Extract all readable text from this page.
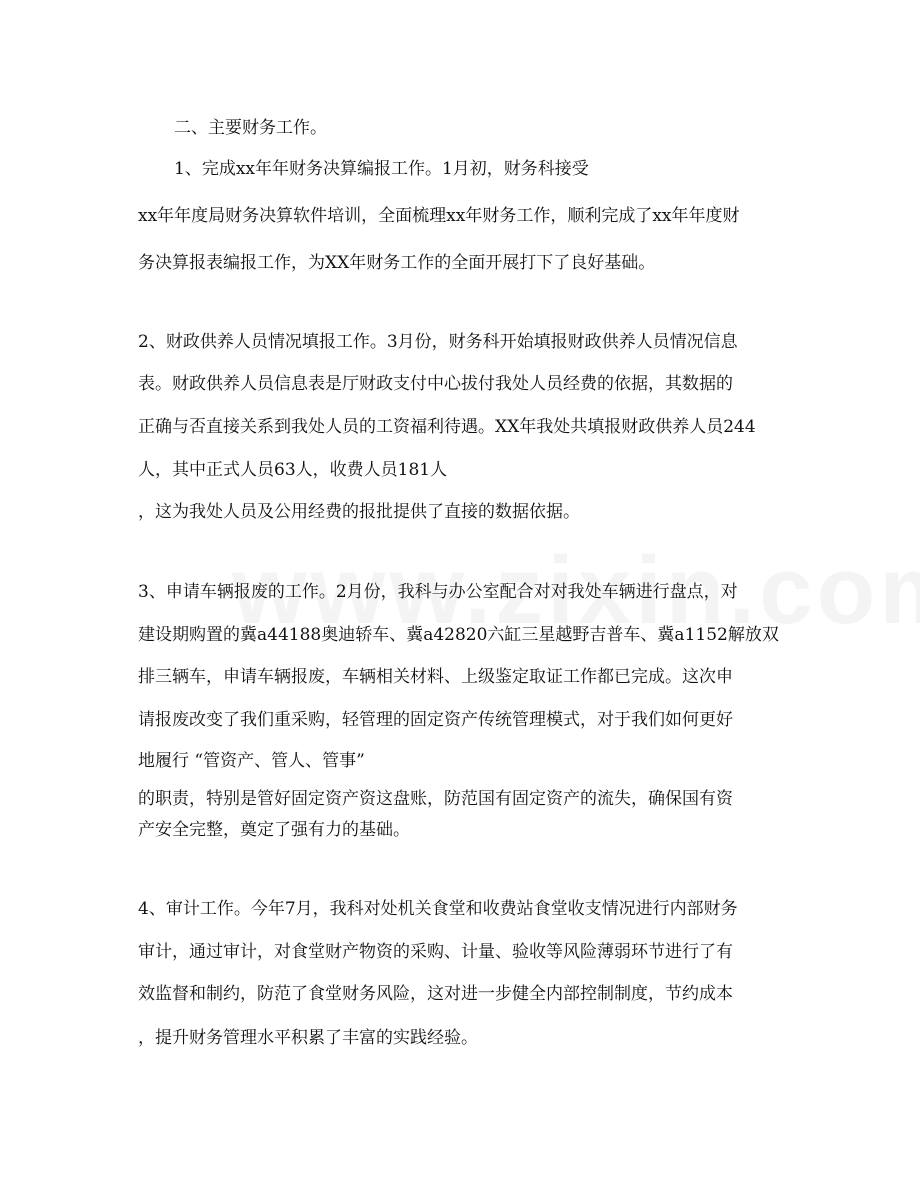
二、主要财务工作。
1、完成xx年年财务决算编报工作。1月初，财务科接受
xx年年度局财务决算软件培训，全面梳理xx年财务工作，顺利完成了xx年年度财
务决算报表编报工作，为XX年财务工作的全面开展打下了良好基础。
2、财政供养人员情况填报工作。3月份，财务科开始填报财政供养人员情况信息
表。财政供养人员信息表是厅财政支付中心拔付我处人员经费的依据，其数据的
正确与否直接关系到我处人员的工资福利待遇。XX年我处共填报财政供养人员244
人，其中正式人员63人，收费人员181人
，这为我处人员及公用经费的报批提供了直接的数据依据。
3、申请车辆报废的工作。2月份，我科与办公室配合对对我处车辆进行盘点，对
建设期购置的冀a44188奥迪轿车、冀a42820六缸三星越野吉普车、冀a1152解放双
排三辆车，申请车辆报废，车辆相关材料、上级鉴定取证工作都已完成。这次申
请报废改变了我们重采购，轻管理的固定资产传统管理模式，对于我们如何更好
地履行 “管资产、管人、管事”
的职责，特别是管好固定资产资这盘账，防范国有固定资产的流失，确保国有资
产安全完整，奠定了强有力的基础。
4、审计工作。今年7月，我科对处机关食堂和收费站食堂收支情况进行内部财务
审计，通过审计，对食堂财产物资的采购、计量、验收等风险薄弱环节进行了有
效监督和制约，防范了食堂财务风险，这对进一步健全内部控制制度，节约成本
，提升财务管理水平积累了丰富的实践经验。
